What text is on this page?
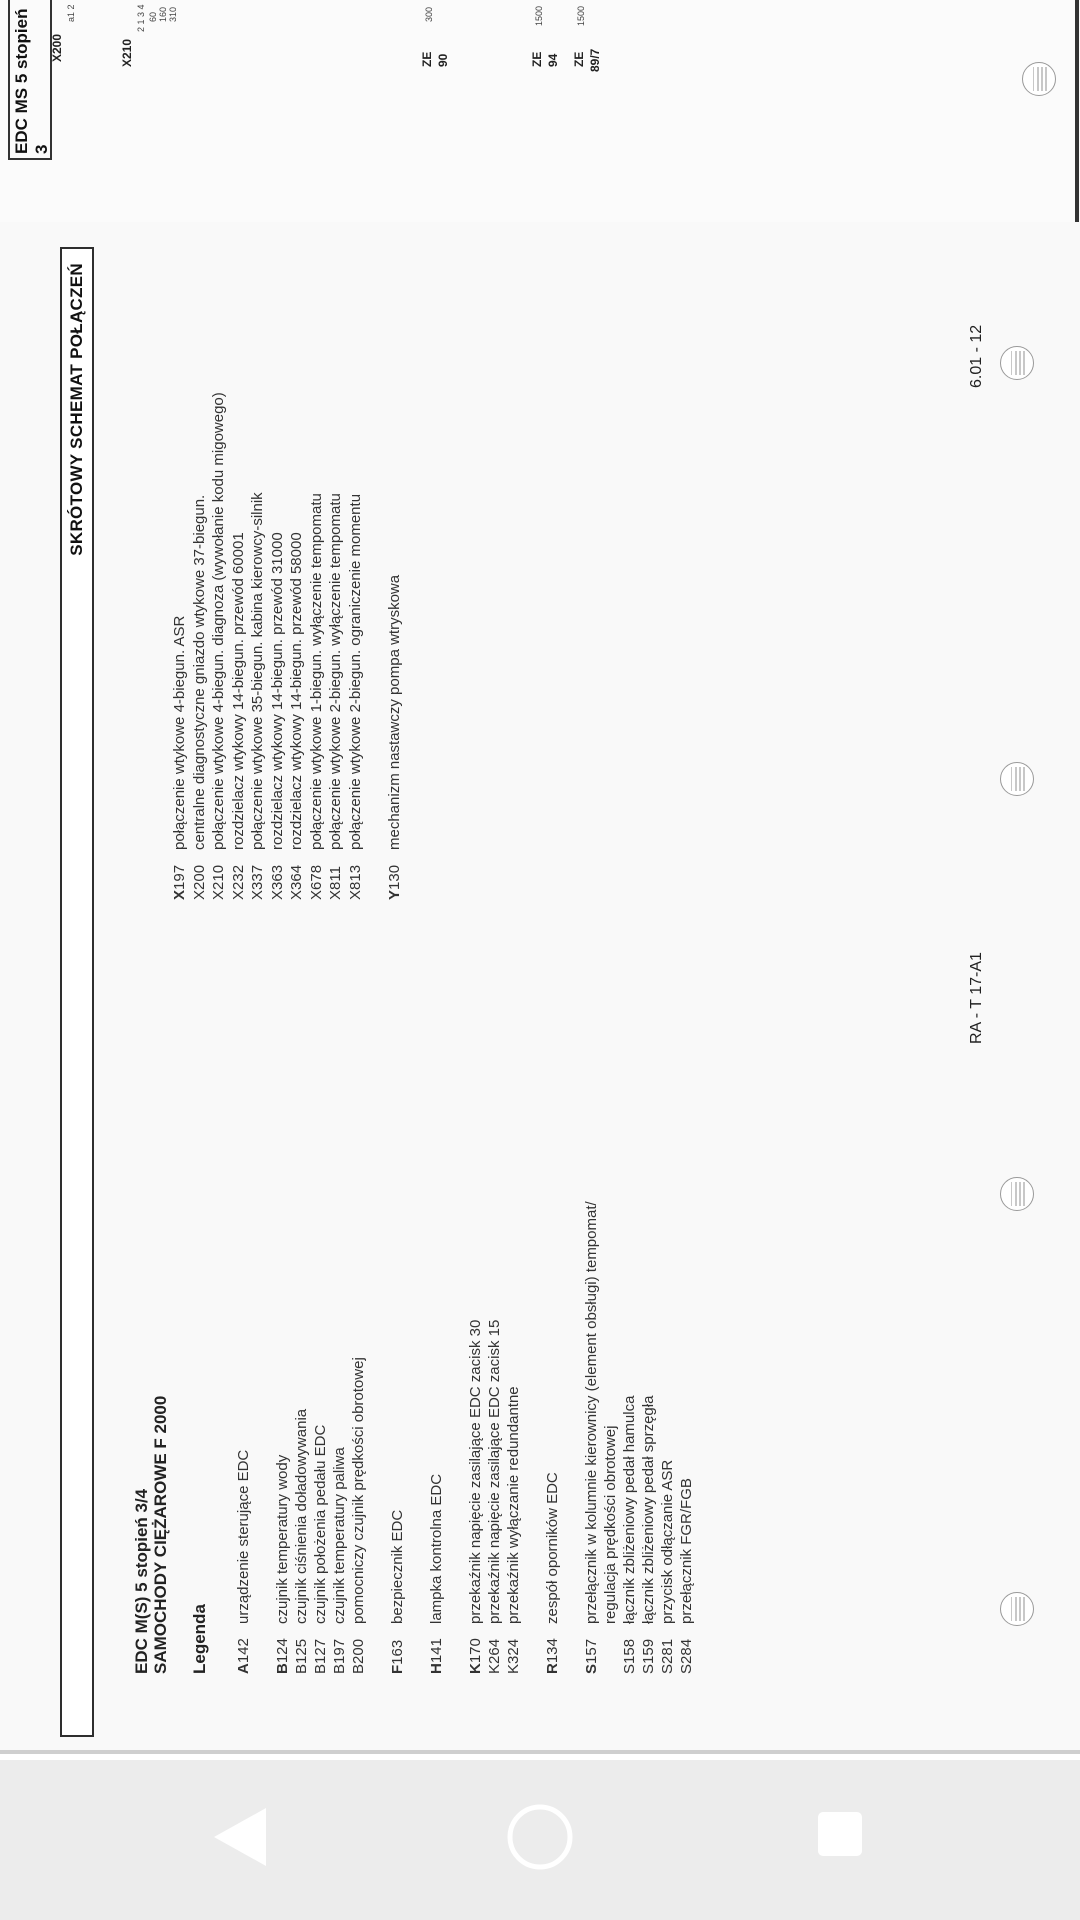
EDC MS 5 stopień 3
X200
a1 2
X210
2 1 3 4 60 160 310
ZE 90
300
ZE 94
1500
ZE 89/7
1500
SKRÓTOWY SCHEMAT POŁĄCZEŃ
EDC M(S) 5 stopień 3/4 SAMOCHODY CIĘŻAROWE F 2000 Legenda A142
urządzenie sterujące EDC
B124
czujnik temperatury wody
B125
czujnik ciśnienia doładowywania
B127
czujnik położenia pedału EDC
B197
czujnik temperatury paliwa
B200
pomocniczy czujnik prędkości obrotowej
F163
bezpiecznik EDC
H141
lampka kontrolna EDC
K170
przekaźnik napięcie zasilające EDC zacisk 30
K264
przekaźnik napięcie zasilające EDC zacisk 15
K324
przekaźnik wyłączanie redundantne
R134
zespół oporników EDC
S157
przełącznik w kolumnie kierownicy (element obsługi) tempomat/ regulacja prędkości obrotowej
S158
łącznik zbliżeniowy pedał hamulca
S159
łącznik zbliżeniowy pedał sprzęgła
S281
przycisk odłączanie ASR
S284
przełącznik FGR/FGB
X197
połączenie wtykowe 4-biegun. ASR
X200
centralne diagnostyczne gniazdo wtykowe 37-biegun.
X210
połączenie wtykowe 4-biegun. diagnoza (wywołanie kodu migowego)
X232
rozdzielacz wtykowy 14-biegun. przewód 60001
X337
połączenie wtykowe 35-biegun. kabina kierowcy-silnik
X363
rozdzielacz wtykowy 14-biegun. przewód 31000
X364
rozdzielacz wtykowy 14-biegun. przewód 58000
X678
połączenie wtykowe 1-biegun. wyłączenie tempomatu
X811
połączenie wtykowe 2-biegun. wyłączenie tempomatu
X813
połączenie wtykowe 2-biegun. ograniczenie momentu
Y130
mechanizm nastawczy pompa wtryskowa
RA - T 17-A1
6.01 - 12
